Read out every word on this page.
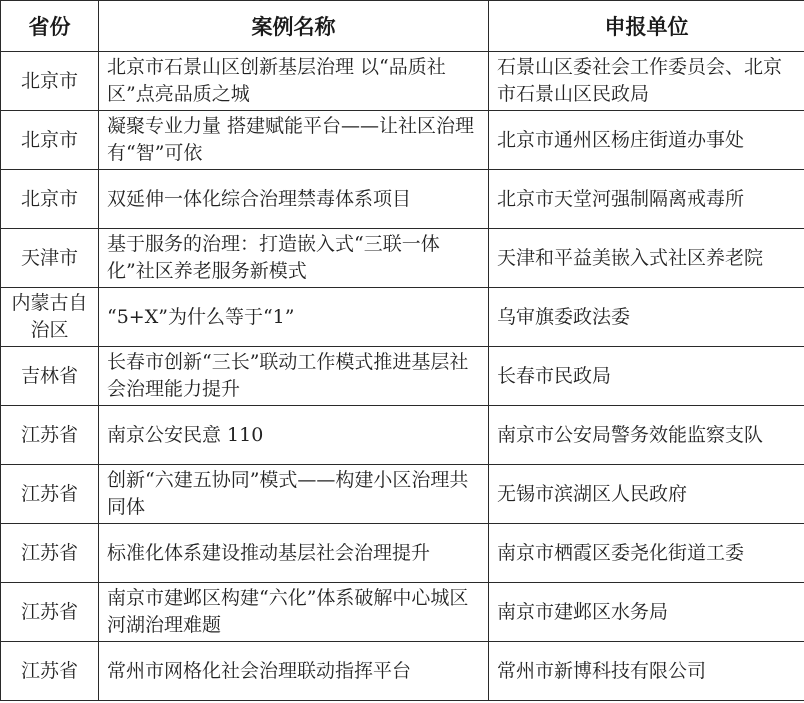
省份	案例名称	申报单位
北京市	北京市石景山区创新基层治理 以“品质社区”点亮品质之城	石景山区委社会工作委员会、北京市石景山区民政局
北京市	凝聚专业力量 搭建赋能平台——让社区治理有“智”可依	北京市通州区杨庄街道办事处
北京市	双延伸一体化综合治理禁毒体系项目	北京市天堂河强制隔离戒毒所
天津市	基于服务的治理：打造嵌入式“三联一体化”社区养老服务新模式	天津和平益美嵌入式社区养老院
内蒙古自治区	“5+X”为什么等于“1”	乌审旗委政法委
吉林省	长春市创新“三长”联动工作模式推进基层社会治理能力提升	长春市民政局
江苏省	南京公安民意 110	南京市公安局警务效能监察支队
江苏省	创新“六建五协同”模式——构建小区治理共同体	无锡市滨湖区人民政府
江苏省	标准化体系建设推动基层社会治理提升	南京市栖霞区委尧化街道工委
江苏省	南京市建邺区构建“六化”体系破解中心城区河湖治理难题	南京市建邺区水务局
江苏省	常州市网格化社会治理联动指挥平台	常州市新博科技有限公司
